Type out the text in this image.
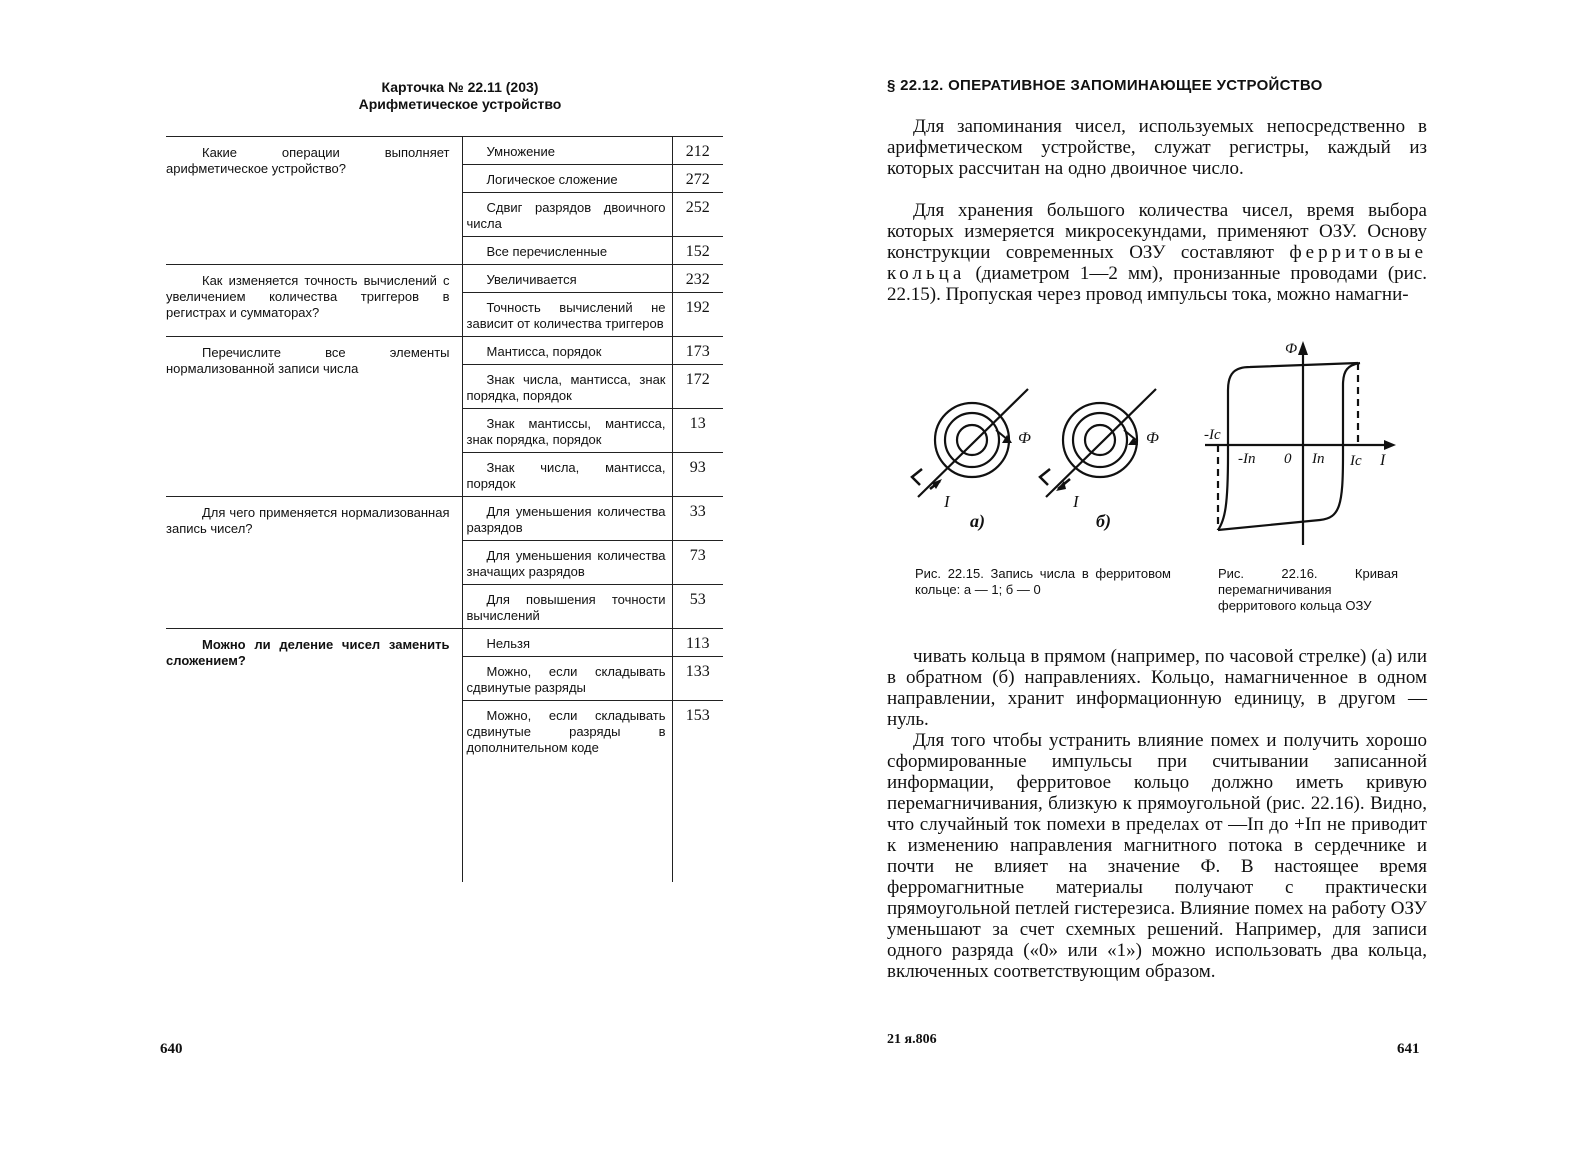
Карточка № 22.11 (203)
Арифметическое устройство
Какие операции выполняет арифметическое устройство?	Умножение	212
	Логическое сложение	272
	Сдвиг разрядов двоичного числа	252
	Все перечисленные	152
Как изменяется точность вычислений с увеличением количества триггеров в регистрах и сумматорах?	Увеличивается	232
	Точность вычислений не зависит от количества триггеров	192
Перечислите все элементы нормализованной записи числа	Мантисса, порядок	173
	Знак числа, мантисса, знак порядка, порядок	172
	Знак мантиссы, мантисса, знак порядка, порядок	13
	Знак числа, мантисса, порядок	93
Для чего применяется нормализованная запись чисел?	Для уменьшения количества разрядов	33
	Для уменьшения количества значащих разрядов	73
	Для повышения точности вычислений	53
Можно ли деление чисел заменить сложением?	Нельзя	113
	Можно, если складывать сдвинутые разряды	133
	Можно, если складывать сдвинутые разряды в дополнительном коде	153

640
§ 22.12. ОПЕРАТИВНОЕ ЗАПОМИНАЮЩЕЕ УСТРОЙСТВО

Для запоминания чисел, используемых непосредственно в арифметическом устройстве, служат регистры, каждый из которых рассчитан на одно двоичное число.

Для хранения большого количества чисел, время выбора которых измеряется микросекундами, применяют ОЗУ. Основу конструкции современных ОЗУ составляют ферритовые кольца (диаметром 1—2 мм), пронизанные проводами (рис. 22.15). Пропуская через провод импульсы тока, можно намагни-

Ф	Ф
I	I
а)	б)
Ф
-Ic
-Iп 0 Iп Ic I
Рис. 22.15. Запись числа в ферритовом кольце: а — 1; б — 0
Рис. 22.16. Кривая перемагничивания ферритового кольца ОЗУ

чивать кольца в прямом (например, по часовой стрелке) (а) или в обратном (б) направлениях. Кольцо, намагниченное в одном направлении, хранит информационную единицу, в другом — нуль.

Для того чтобы устранить влияние помех и получить хорошо сформированные импульсы при считывании записанной информации, ферритовое кольцо должно иметь кривую перемагничивания, близкую к прямоугольной (рис. 22.16). Видно, что случайный ток помехи в пределах от —Iп до +Iп не приводит к изменению направления магнитного потока в сердечнике и почти не влияет на значение Ф. В настоящее время ферромагнитные материалы получают с практически прямоугольной петлей гистерезиса. Влияние помех на работу ОЗУ уменьшают за счет схемных решений. Например, для записи одного разряда («0» или «1») можно использовать два кольца, включенных соответствующим образом.

21 я.806
641
